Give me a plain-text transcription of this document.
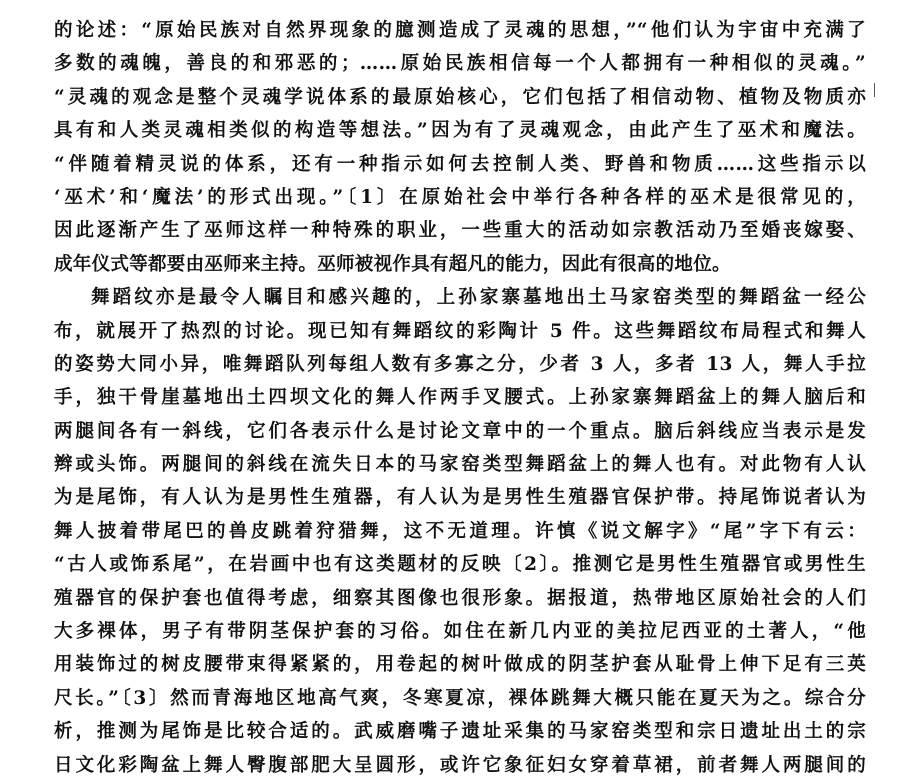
的论述：“原始民族对自然界现象的臆测造成了灵魂的思想，”“他们认为宇宙中充满了
多数的魂魄，善良的和邪恶的；……原始民族相信每一个人都拥有一种相似的灵魂。”
“灵魂的观念是整个灵魂学说体系的最原始核心，它们包括了相信动物、植物及物质亦
具有和人类灵魂相类似的构造等想法。”因为有了灵魂观念，由此产生了巫术和魔法。
“伴随着精灵说的体系，还有一种指示如何去控制人类、野兽和物质……这些指示以
‘巫术’和‘魔法’的形式出现。”〔1〕在原始社会中举行各种各样的巫术是很常见的，
因此逐渐产生了巫师这样一种特殊的职业，一些重大的活动如宗教活动乃至婚丧嫁娶、
成年仪式等都要由巫师来主持。巫师被视作具有超凡的能力，因此有很高的地位。
舞蹈纹亦是最令人瞩目和感兴趣的，上孙家寨墓地出土马家窑类型的舞蹈盆一经公
布，就展开了热烈的讨论。现已知有舞蹈纹的彩陶计 5 件。这些舞蹈纹布局程式和舞人
的姿势大同小异，唯舞蹈队列每组人数有多寡之分，少者 3 人，多者 13 人，舞人手拉
手，独干骨崖墓地出土四坝文化的舞人作两手叉腰式。上孙家寨舞蹈盆上的舞人脑后和
两腿间各有一斜线，它们各表示什么是讨论文章中的一个重点。脑后斜线应当表示是发
辫或头饰。两腿间的斜线在流失日本的马家窑类型舞蹈盆上的舞人也有。对此物有人认
为是尾饰，有人认为是男性生殖器，有人认为是男性生殖器官保护带。持尾饰说者认为
舞人披着带尾巴的兽皮跳着狩猎舞，这不无道理。许慎《说文解字》“尾”字下有云：
“古人或饰系尾”，在岩画中也有这类题材的反映〔2〕。推测它是男性生殖器官或男性生
殖器官的保护套也值得考虑，细察其图像也很形象。据报道，热带地区原始社会的人们
大多裸体，男子有带阴茎保护套的习俗。如住在新几内亚的美拉尼西亚的土著人，“他
用装饰过的树皮腰带束得紧紧的，用卷起的树叶做成的阴茎护套从耻骨上伸下足有三英
尺长。”〔3〕然而青海地区地高气爽，冬寒夏凉，裸体跳舞大概只能在夏天为之。综合分
析，推测为尾饰是比较合适的。武威磨嘴子遗址采集的马家窑类型和宗日遗址出土的宗
日文化彩陶盆上舞人臀腹部肥大呈圆形，或许它象征妇女穿着草裙，前者舞人两腿间的
